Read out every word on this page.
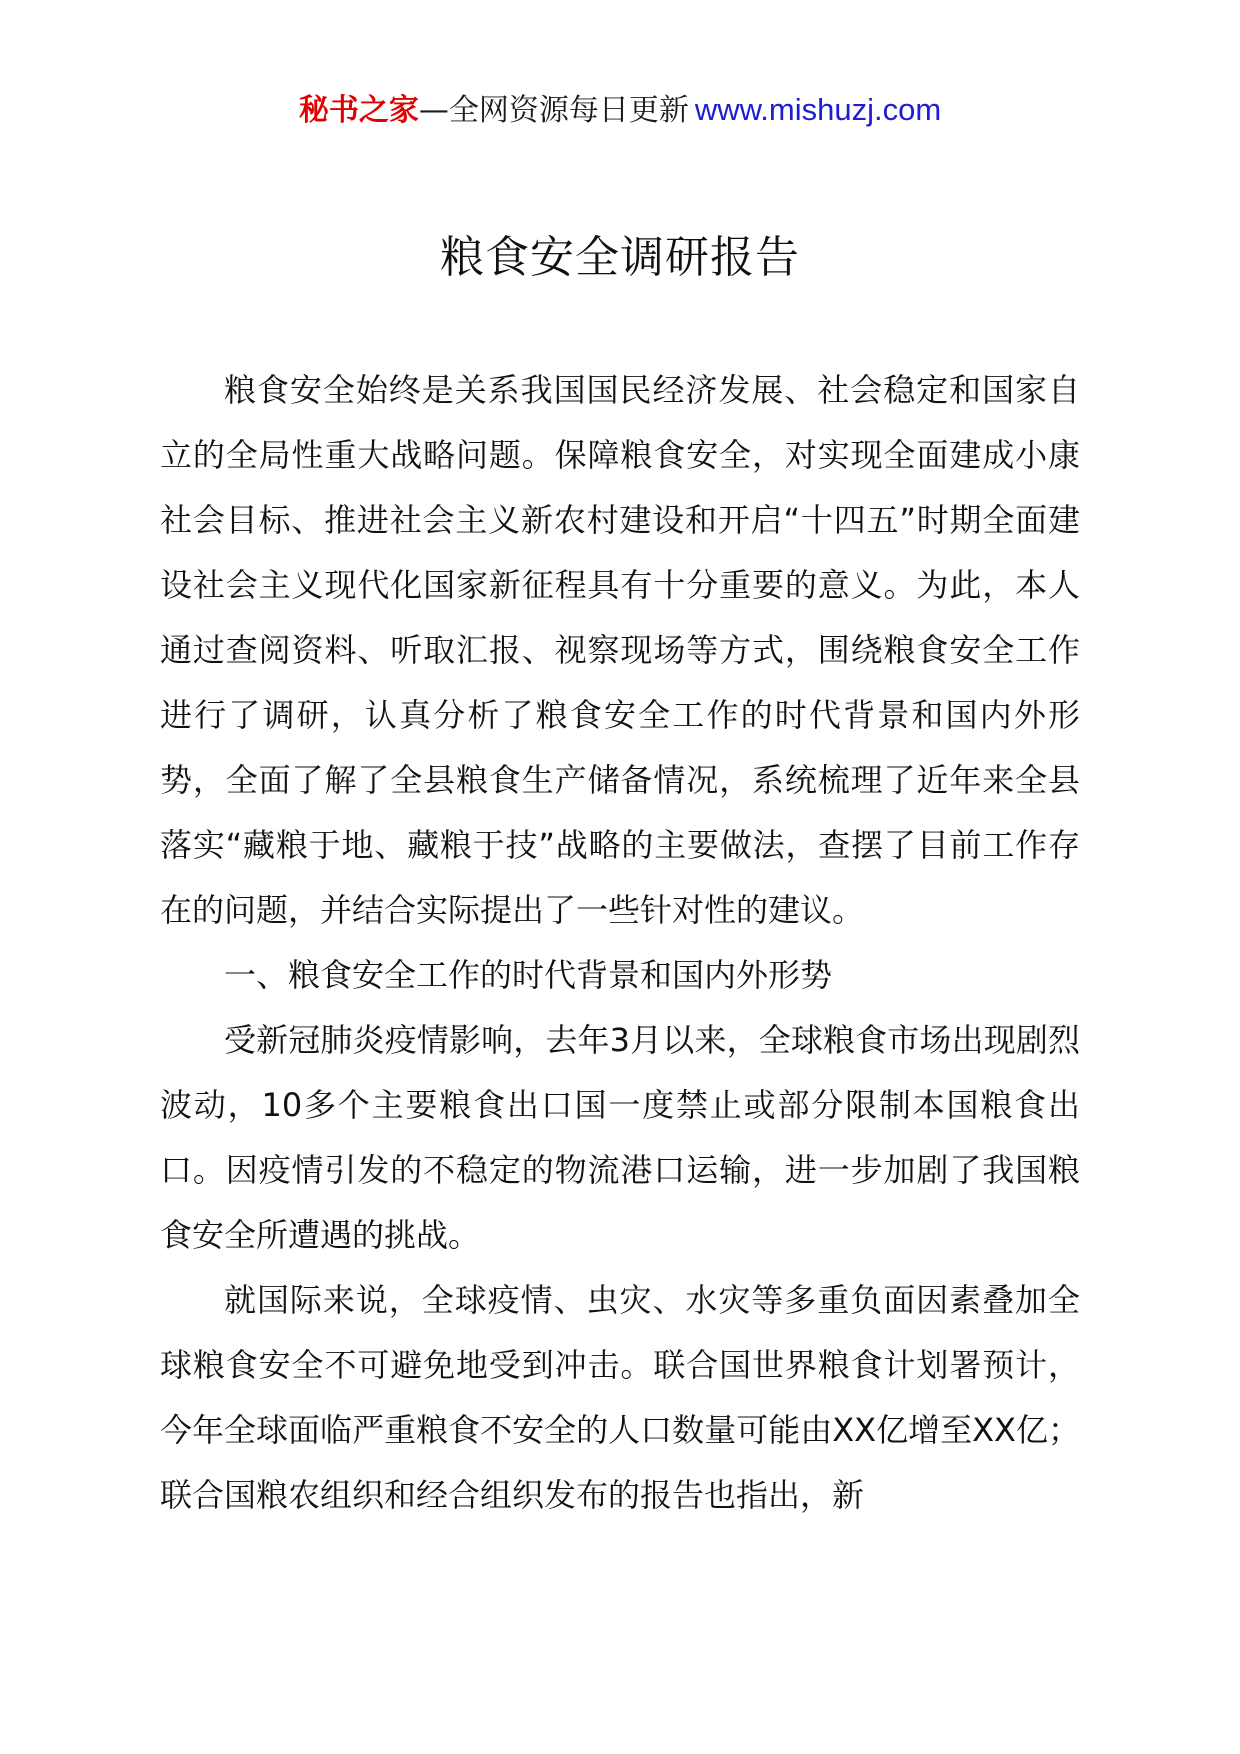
秘书之家—全网资源每日更新 www.mishuzj.com
粮食安全调研报告

粮食安全始终是关系我国国民经济发展、社会稳定和国家自立的全局性重大战略问题。保障粮食安全，对实现全面建成小康社会目标、推进社会主义新农村建设和开启“十四五”时期全面建设社会主义现代化国家新征程具有十分重要的意义。为此，本人通过查阅资料、听取汇报、视察现场等方式，围绕粮食安全工作进行了调研，认真分析了粮食安全工作的时代背景和国内外形势，全面了解了全县粮食生产储备情况，系统梳理了近年来全县落实“藏粮于地、藏粮于技”战略的主要做法，查摆了目前工作存在的问题，并结合实际提出了一些针对性的建议。

一、粮食安全工作的时代背景和国内外形势

受新冠肺炎疫情影响，去年3月以来，全球粮食市场出现剧烈波动，10多个主要粮食出口国一度禁止或部分限制本国粮食出口。因疫情引发的不稳定的物流港口运输，进一步加剧了我国粮食安全所遭遇的挑战。

就国际来说，全球疫情、虫灾、水灾等多重负面因素叠加全球粮食安全不可避免地受到冲击。联合国世界粮食计划署预计，今年全球面临严重粮食不安全的人口数量可能由XX亿增至XX亿；联合国粮农组织和经合组织发布的报告也指出，新
